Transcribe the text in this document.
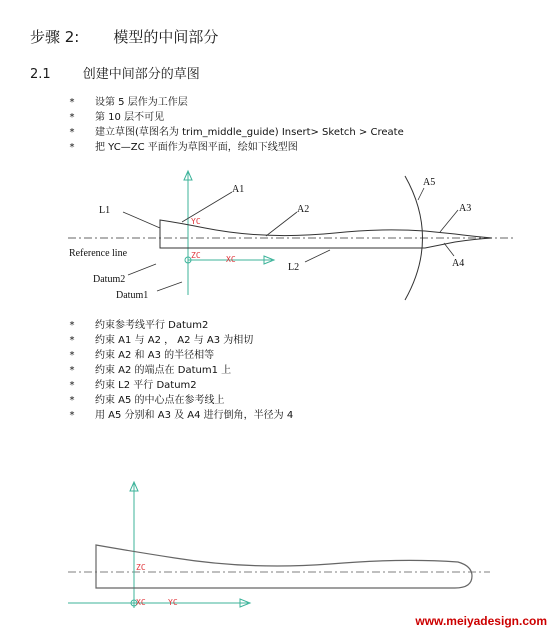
步骤 2: 模型的中间部分
2.1 创建中间部分的草图
* 设第 5 层作为工作层
* 第 10 层不可见
* 建立草图(草图名为 trim_middle_guide) Insert> Sketch > Create
* 把 YC—ZC 平面作为草图平面，绘如下线型图
YC
ZC	XC
L1
A1
A2	A3
A4
A5
L2
Reference line
Datum2
Datum1
* 约束参考线平行 Datum2
* 约束 A1 与 A2 ， A2 与 A3 为相切
* 约束 A2 和 A3 的半径相等
* 约束 A2 的端点在 Datum1 上
* 约束 L2 平行 Datum2
* 约束 A5 的中心点在参考线上
* 用 A5 分别和 A3 及 A4 进行倒角，半径为 4
ZC
XC	YC
www.meiyadesign.com
